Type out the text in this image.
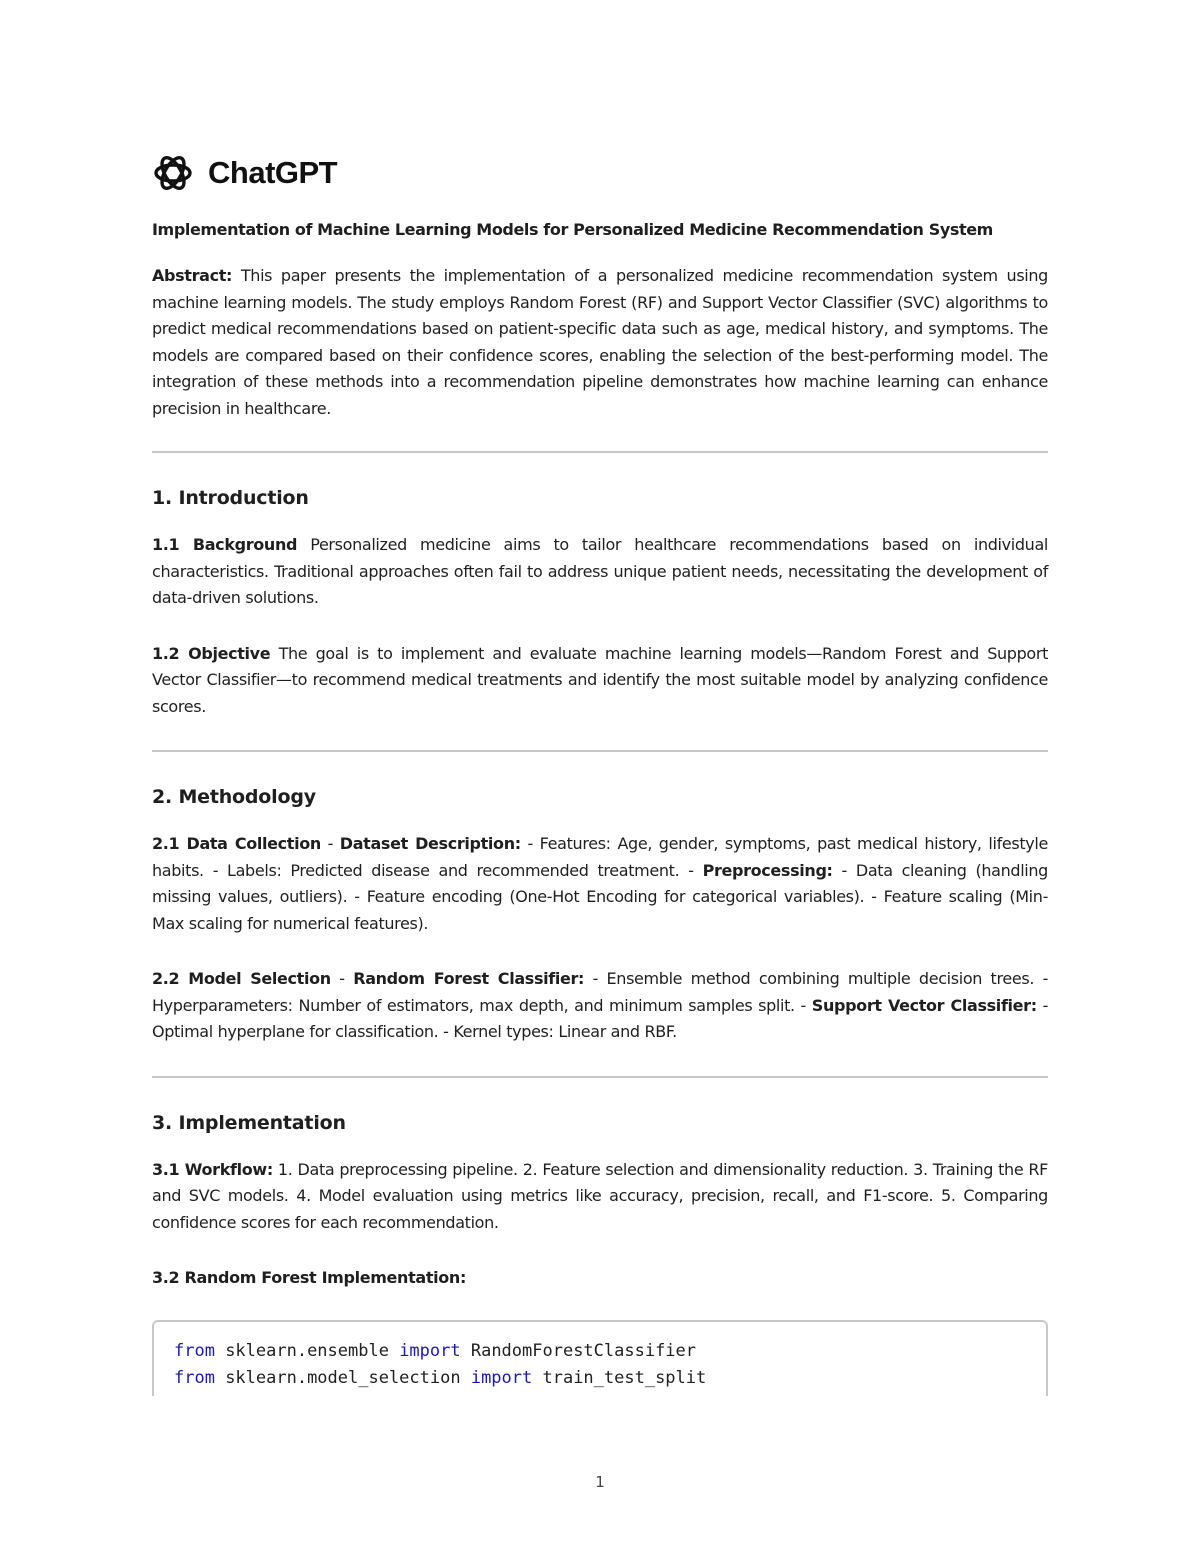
ChatGPT
Implementation of Machine Learning Models for Personalized Medicine Recommendation System

Abstract: This paper presents the implementation of a personalized medicine recommendation system using machine learning models. The study employs Random Forest (RF) and Support Vector Classifier (SVC) algorithms to predict medical recommendations based on patient-specific data such as age, medical history, and symptoms. The models are compared based on their confidence scores, enabling the selection of the best-performing model. The integration of these methods into a recommendation pipeline demonstrates how machine learning can enhance precision in healthcare.

1. Introduction

1.1 Background Personalized medicine aims to tailor healthcare recommendations based on individual characteristics. Traditional approaches often fail to address unique patient needs, necessitating the development of data-driven solutions.

1.2 Objective The goal is to implement and evaluate machine learning models—Random Forest and Support Vector Classifier—to recommend medical treatments and identify the most suitable model by analyzing confidence scores.

2. Methodology

2.1 Data Collection - Dataset Description: - Features: Age, gender, symptoms, past medical history, lifestyle habits. - Labels: Predicted disease and recommended treatment. - Preprocessing: - Data cleaning (handling missing values, outliers). - Feature encoding (One-Hot Encoding for categorical variables). - Feature scaling (Min-Max scaling for numerical features).

2.2 Model Selection - Random Forest Classifier: - Ensemble method combining multiple decision trees. - Hyperparameters: Number of estimators, max depth, and minimum samples split. - Support Vector Classifier: - Optimal hyperplane for classification. - Kernel types: Linear and RBF.

3. Implementation

3.1 Workflow: 1. Data preprocessing pipeline. 2. Feature selection and dimensionality reduction. 3. Training the RF and SVC models. 4. Model evaluation using metrics like accuracy, precision, recall, and F1-score. 5. Comparing confidence scores for each recommendation.

3.2 Random Forest Implementation:

from sklearn.ensemble import RandomForestClassifier
from sklearn.model_selection import train_test_split
1
